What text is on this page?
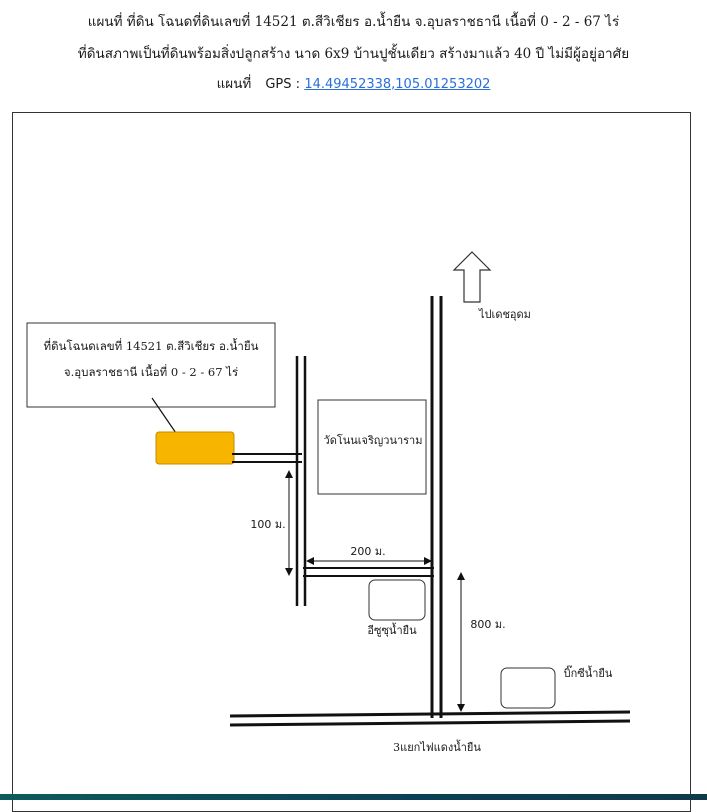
แผนที่ ที่ดิน โฉนดที่ดินเลขที่ 14521 ต.สีวิเชียร อ.น้ำยืน จ.อุบลราชธานี เนื้อที่ 0 - 2 - 67 ไร่
ที่ดินสภาพเป็นที่ดินพร้อมสิ่งปลูกสร้าง นาด 6x9 บ้านปูชั้นเดียว สร้างมาแล้ว 40 ปี ไม่มีผู้อยู่อาศัย
แผนที่ GPS : 14.49452338,105.01253202
ที่ดินโฉนดเลขที่ 14521 ต.สีวิเชียร อ.น้ำยืน
จ.อุบลราชธานี เนื้อที่ 0 - 2 - 67 ไร่
ไปเดชอุดม
วัดโนนเจริญวนาราม
100 ม.
200 ม.
800 ม.
อีซูซุน้ำยืน
บิ๊กซีน้ำยืน
3แยกไฟแดงน้ำยืน
